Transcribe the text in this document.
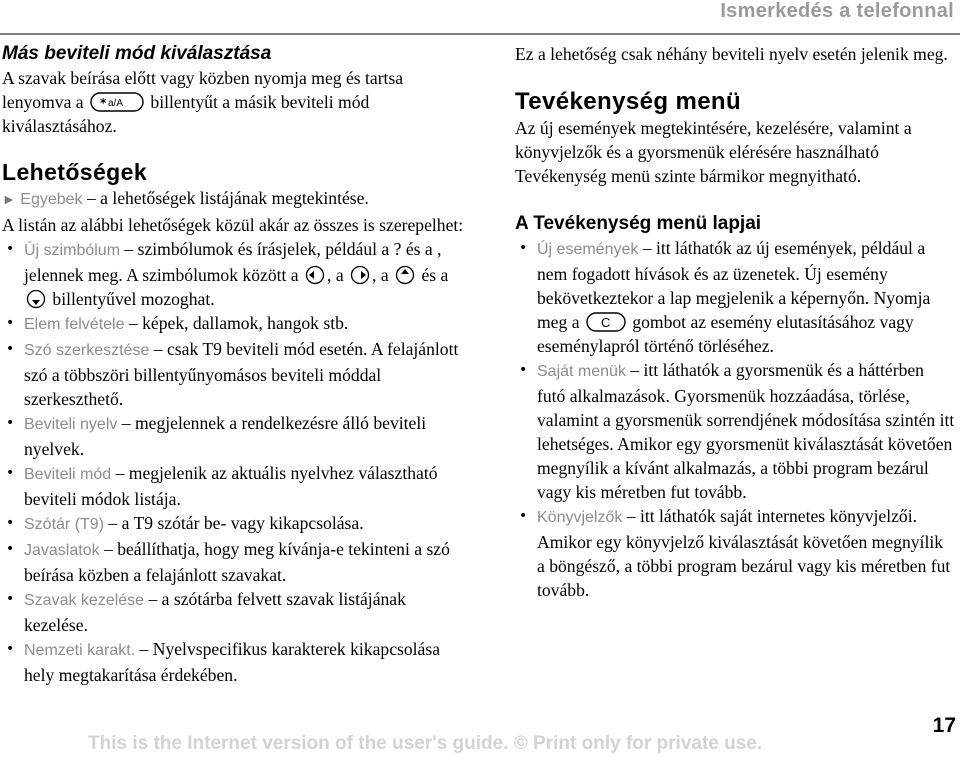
Ismerkedés a telefonnal
Más beviteli mód kiválasztása

A szavak beírása előtt vagy közben nyomja meg és tartsa lenyomva a * a/A billentyűt a másik beviteli mód kiválasztásához.

Lehetőségek

► Egyebek – a lehetőségek listájának megtekintése.

A listán az alábbi lehetőségek közül akár az összes is szerepelhet:

• Új szimbólum – szimbólumok és írásjelek, például a ? és a , jelennek meg. A szimbólumok között a , a , a és a
billentyűvel mozoghat.
• Elem felvétele – képek, dallamok, hangok stb.
• Szó szerkesztése – csak T9 beviteli mód esetén. A felajánlott szó a többszöri billentyűnyomásos beviteli móddal szerkeszthető.
• Beviteli nyelv – megjelennek a rendelkezésre álló beviteli nyelvek.
• Beviteli mód – megjelenik az aktuális nyelvhez választható beviteli módok listája.
• Szótár (T9) – a T9 szótár be- vagy kikapcsolása.
• Javaslatok – beállíthatja, hogy meg kívánja-e tekinteni a szó beírása közben a felajánlott szavakat.
• Szavak kezelése – a szótárba felvett szavak listájának kezelése.
• Nemzeti karakt. – Nyelvspecifikus karakterek kikapcsolása hely megtakarítása érdekében.

Ez a lehetőség csak néhány beviteli nyelv esetén jelenik meg.

Tevékenység menü

Az új események megtekintésére, kezelésére, valamint a könyvjelzők és a gyorsmenük elérésére használható Tevékenység menü szinte bármikor megnyitható.

A Tevékenység menü lapjai
• Új események – itt láthatók az új események, például a nem fogadott hívások és az üzenetek. Új esemény bekövetkeztekor a lap megjelenik a képernyőn. Nyomja meg a C gombot az esemény elutasításához vagy eseménylapról történő törléséhez.
• Saját menük – itt láthatók a gyorsmenük és a háttérben futó alkalmazások. Gyorsmenük hozzáadása, törlése, valamint a gyorsmenük sorrendjének módosítása szintén itt lehetséges. Amikor egy gyorsmenüt kiválasztását követően megnyílik a kívánt alkalmazás, a többi program bezárul vagy kis méretben fut tovább.
• Könyvjelzők – itt láthatók saját internetes könyvjelzői. Amikor egy könyvjelző kiválasztását követően megnyílik a böngésző, a többi program bezárul vagy kis méretben fut tovább.
This is the Internet version of the user's guide. © Print only for private use.
17
